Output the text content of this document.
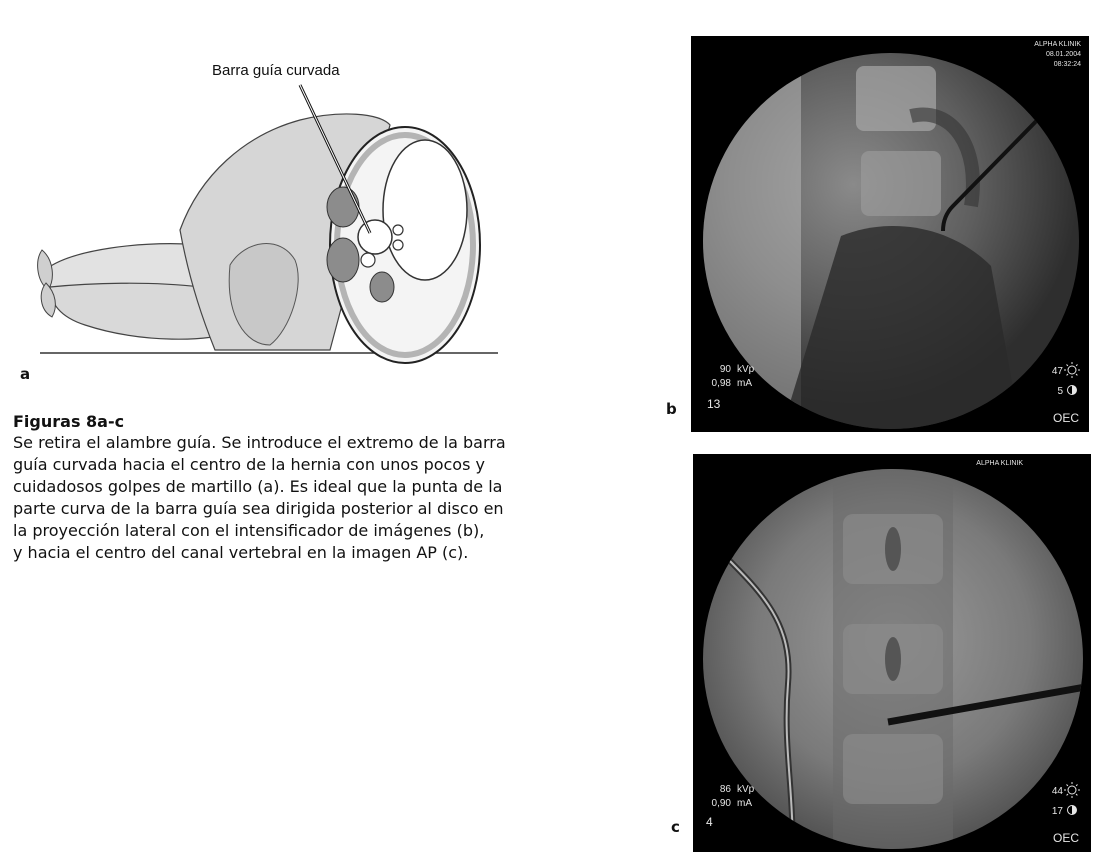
Barra guía curvada
a

Figuras 8a-c

Se retira el alambre guía. Se introduce el extremo de la barra
guía curvada hacia el centro de la hernia con unos pocos y
cuidadosos golpes de martillo (a). Es ideal que la punta de la
parte curva de la barra guía sea dirigida posterior al disco en
la proyección lateral con el intensificador de imágenes (b),
y hacia el centro del canal vertebral en la imagen AP (c).

ALPHA KLINIK
08.01.2004
08:32:24
90 kVp
0,98 mA
13
47
5
OEC
b
ALPHA KLINIK
86 kVp
0,90 mA
4
44
17
OEC
c
